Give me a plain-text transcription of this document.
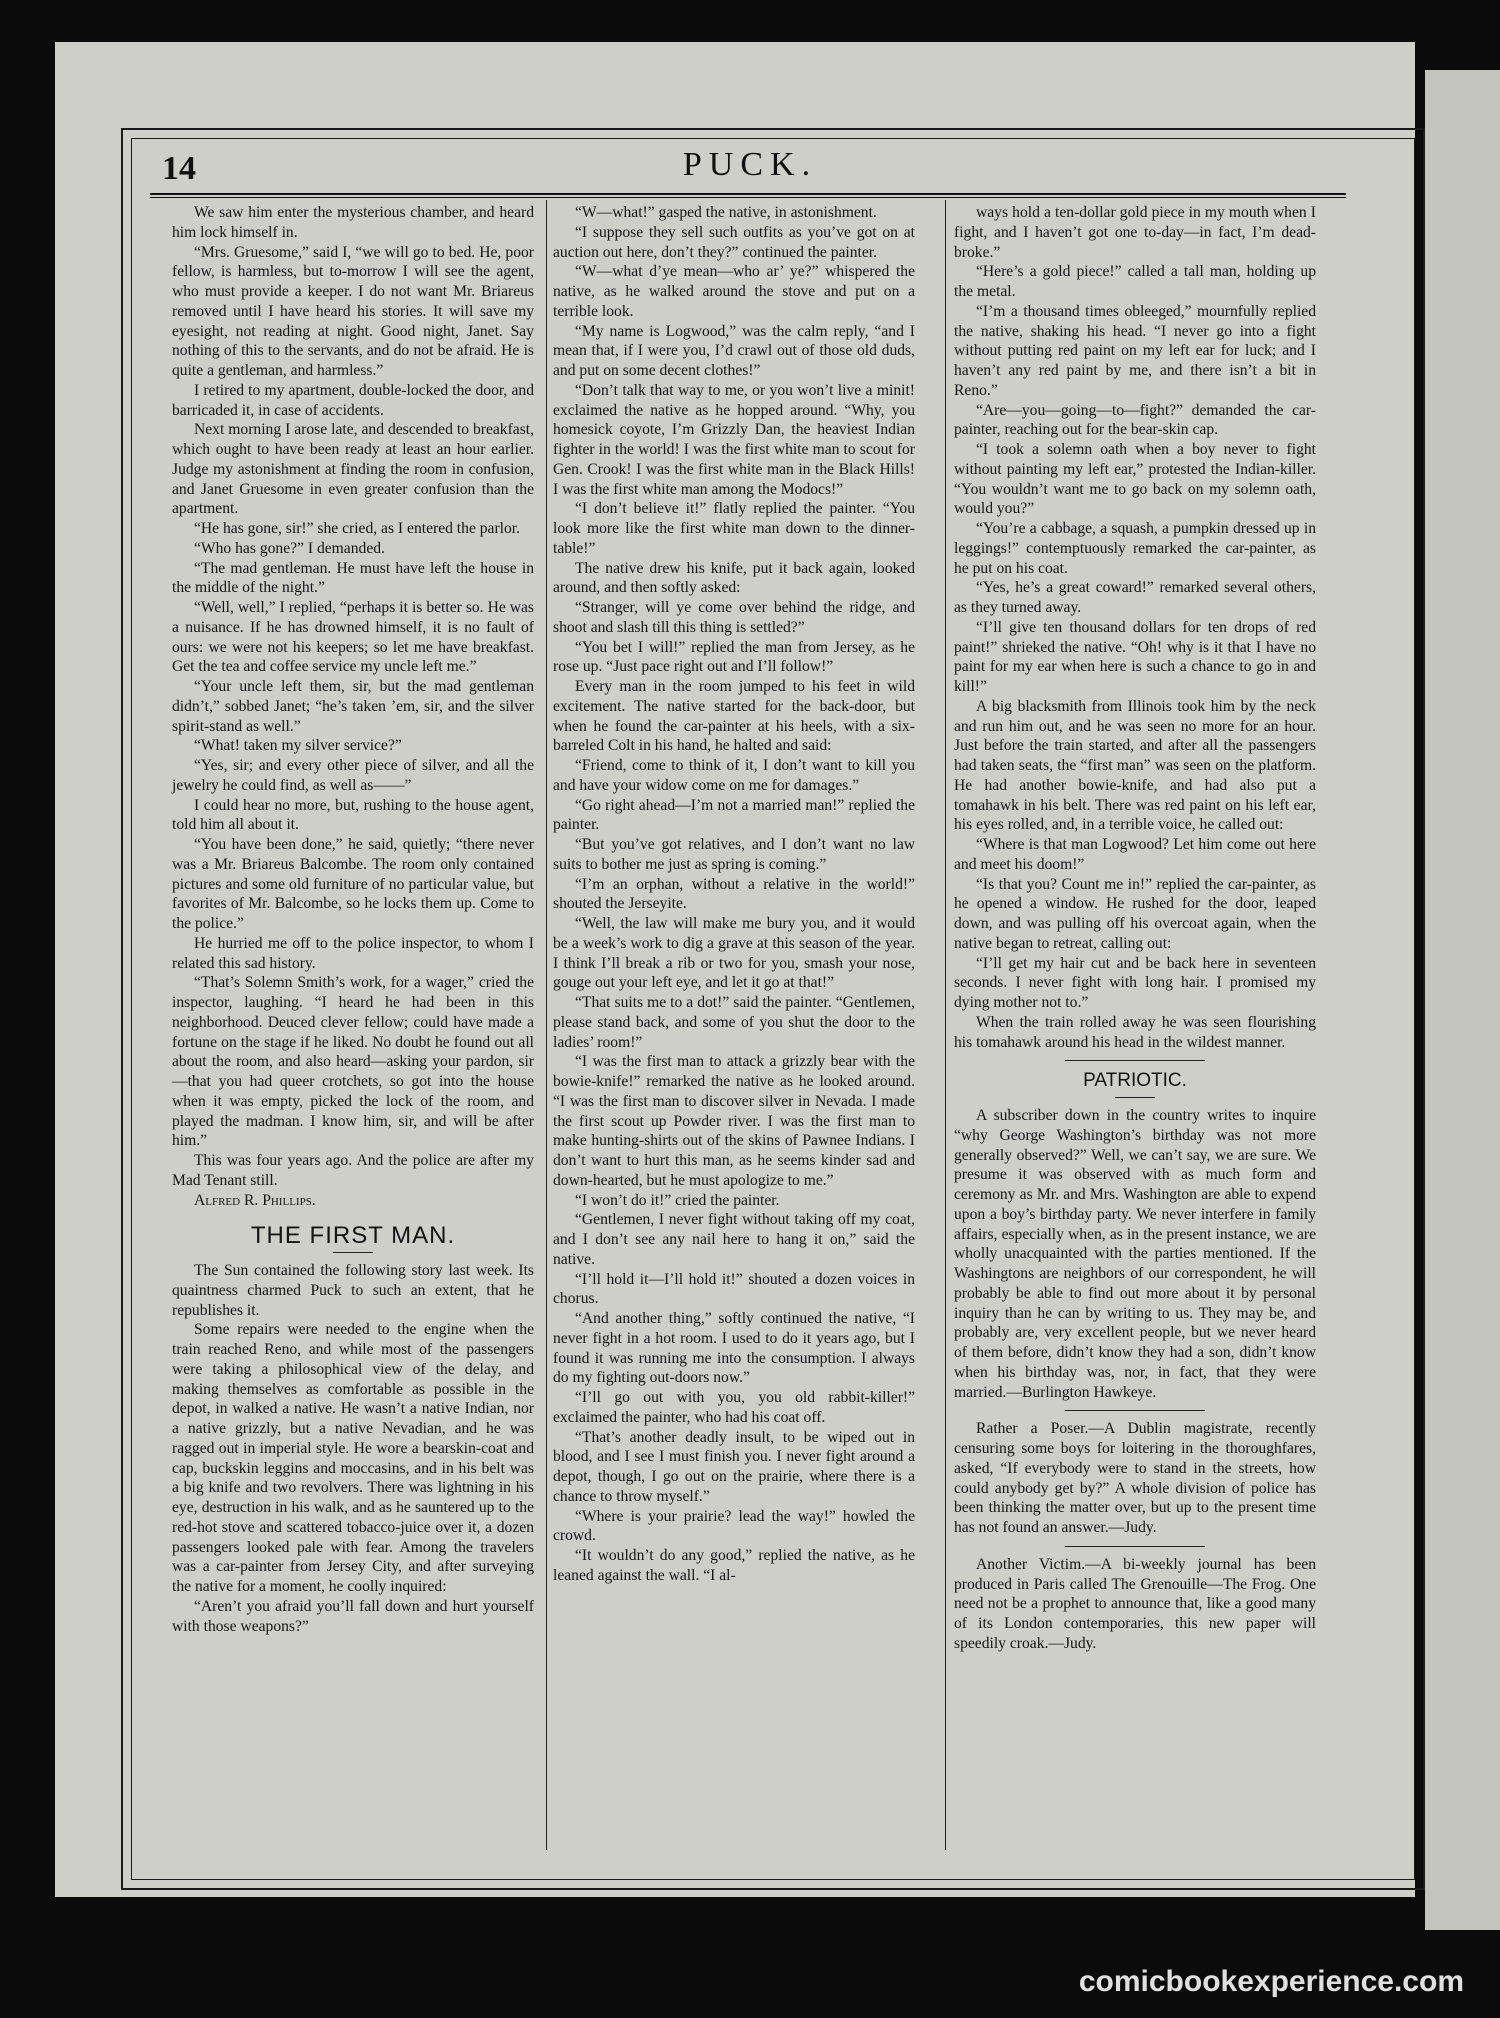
14	PUCK.

We saw him enter the mysterious chamber, and heard him lock himself in.

“Mrs. Gruesome,” said I, “we will go to bed. He, poor fellow, is harmless, but to-morrow I will see the agent, who must provide a keeper. I do not want Mr. Briareus removed until I have heard his stories. It will save my eyesight, not reading at night. Good night, Janet. Say nothing of this to the servants, and do not be afraid. He is quite a gentleman, and harmless.”

I retired to my apartment, double-locked the door, and barricaded it, in case of accidents.

Next morning I arose late, and descended to breakfast, which ought to have been ready at least an hour earlier. Judge my astonishment at finding the room in confusion, and Janet Gruesome in even greater confusion than the apartment.

“He has gone, sir!” she cried, as I entered the parlor.

“Who has gone?” I demanded.

“The mad gentleman. He must have left the house in the middle of the night.”

“Well, well,” I replied, “perhaps it is better so. He was a nuisance. If he has drowned himself, it is no fault of ours: we were not his keepers; so let me have breakfast. Get the tea and coffee service my uncle left me.”

“Your uncle left them, sir, but the mad gentleman didn’t,” sobbed Janet; “he’s taken ’em, sir, and the silver spirit-stand as well.”

“What! taken my silver service?”

“Yes, sir; and every other piece of silver, and all the jewelry he could find, as well as——”

I could hear no more, but, rushing to the house agent, told him all about it.

“You have been done,” he said, quietly; “there never was a Mr. Briareus Balcombe. The room only contained pictures and some old furniture of no particular value, but favorites of Mr. Balcombe, so he locks them up. Come to the police.”

He hurried me off to the police inspector, to whom I related this sad history.

“That’s Solemn Smith’s work, for a wager,” cried the inspector, laughing. “I heard he had been in this neighborhood. Deuced clever fellow; could have made a fortune on the stage if he liked. No doubt he found out all about the room, and also heard—asking your pardon, sir—that you had queer crotchets, so got into the house when it was empty, picked the lock of the room, and played the madman. I know him, sir, and will be after him.”

This was four years ago. And the police are after my Mad Tenant still.

Alfred R. Phillips.

THE FIRST MAN.

The Sun contained the following story last week. Its quaintness charmed Puck to such an extent, that he republishes it.

Some repairs were needed to the engine when the train reached Reno, and while most of the passengers were taking a philosophical view of the delay, and making themselves as comfortable as possible in the depot, in walked a native. He wasn’t a native Indian, nor a native grizzly, but a native Nevadian, and he was ragged out in imperial style. He wore a bearskin-coat and cap, buckskin leggins and moccasins, and in his belt was a big knife and two revolvers. There was lightning in his eye, destruction in his walk, and as he sauntered up to the red-hot stove and scattered tobacco-juice over it, a dozen passengers looked pale with fear. Among the travelers was a car-painter from Jersey City, and after surveying the native for a moment, he coolly inquired:

“Aren’t you afraid you’ll fall down and hurt yourself with those weapons?”

“W—what!” gasped the native, in astonishment.

“I suppose they sell such outfits as you’ve got on at auction out here, don’t they?” continued the painter.

“W—what d’ye mean—who ar’ ye?” whispered the native, as he walked around the stove and put on a terrible look.

“My name is Logwood,” was the calm reply, “and I mean that, if I were you, I’d crawl out of those old duds, and put on some decent clothes!”

“Don’t talk that way to me, or you won’t live a minit! exclaimed the native as he hopped around. “Why, you homesick coyote, I’m Grizzly Dan, the heaviest Indian fighter in the world! I was the first white man to scout for Gen. Crook! I was the first white man in the Black Hills! I was the first white man among the Modocs!”

“I don’t believe it!” flatly replied the painter. “You look more like the first white man down to the dinner-table!”

The native drew his knife, put it back again, looked around, and then softly asked:

“Stranger, will ye come over behind the ridge, and shoot and slash till this thing is settled?”

“You bet I will!” replied the man from Jersey, as he rose up. “Just pace right out and I’ll follow!”

Every man in the room jumped to his feet in wild excitement. The native started for the back-door, but when he found the car-painter at his heels, with a six-barreled Colt in his hand, he halted and said:

“Friend, come to think of it, I don’t want to kill you and have your widow come on me for damages.”

“Go right ahead—I’m not a married man!” replied the painter.

“But you’ve got relatives, and I don’t want no law suits to bother me just as spring is coming.”

“I’m an orphan, without a relative in the world!” shouted the Jerseyite.

“Well, the law will make me bury you, and it would be a week’s work to dig a grave at this season of the year. I think I’ll break a rib or two for you, smash your nose, gouge out your left eye, and let it go at that!”

“That suits me to a dot!” said the painter. “Gentlemen, please stand back, and some of you shut the door to the ladies’ room!”

“I was the first man to attack a grizzly bear with the bowie-knife!” remarked the native as he looked around. “I was the first man to discover silver in Nevada. I made the first scout up Powder river. I was the first man to make hunting-shirts out of the skins of Pawnee Indians. I don’t want to hurt this man, as he seems kinder sad and down-hearted, but he must apologize to me.”

“I won’t do it!” cried the painter.

“Gentlemen, I never fight without taking off my coat, and I don’t see any nail here to hang it on,” said the native.

“I’ll hold it—I’ll hold it!” shouted a dozen voices in chorus.

“And another thing,” softly continued the native, “I never fight in a hot room. I used to do it years ago, but I found it was running me into the consumption. I always do my fighting out-doors now.”

“I’ll go out with you, you old rabbit-killer!” exclaimed the painter, who had his coat off.

“That’s another deadly insult, to be wiped out in blood, and I see I must finish you. I never fight around a depot, though, I go out on the prairie, where there is a chance to throw myself.”

“Where is your prairie? lead the way!” howled the crowd.

“It wouldn’t do any good,” replied the native, as he leaned against the wall. “I al-

ways hold a ten-dollar gold piece in my mouth when I fight, and I haven’t got one to-day—in fact, I’m dead-broke.”

“Here’s a gold piece!” called a tall man, holding up the metal.

“I’m a thousand times obleeged,” mournfully replied the native, shaking his head. “I never go into a fight without putting red paint on my left ear for luck; and I haven’t any red paint by me, and there isn’t a bit in Reno.”

“Are—you—going—to—fight?” demanded the car-painter, reaching out for the bear-skin cap.

“I took a solemn oath when a boy never to fight without painting my left ear,” protested the Indian-killer. “You wouldn’t want me to go back on my solemn oath, would you?”

“You’re a cabbage, a squash, a pumpkin dressed up in leggings!” contemptuously remarked the car-painter, as he put on his coat.

“Yes, he’s a great coward!” remarked several others, as they turned away.

“I’ll give ten thousand dollars for ten drops of red paint!” shrieked the native. “Oh! why is it that I have no paint for my ear when here is such a chance to go in and kill!”

A big blacksmith from Illinois took him by the neck and run him out, and he was seen no more for an hour. Just before the train started, and after all the passengers had taken seats, the “first man” was seen on the platform. He had another bowie-knife, and had also put a tomahawk in his belt. There was red paint on his left ear, his eyes rolled, and, in a terrible voice, he called out:

“Where is that man Logwood? Let him come out here and meet his doom!”

“Is that you? Count me in!” replied the car-painter, as he opened a window. He rushed for the door, leaped down, and was pulling off his overcoat again, when the native began to retreat, calling out:

“I’ll get my hair cut and be back here in seventeen seconds. I never fight with long hair. I promised my dying mother not to.”

When the train rolled away he was seen flourishing his tomahawk around his head in the wildest manner.

PATRIOTIC.

A subscriber down in the country writes to inquire “why George Washington’s birthday was not more generally observed?” Well, we can’t say, we are sure. We presume it was observed with as much form and ceremony as Mr. and Mrs. Washington are able to expend upon a boy’s birthday party. We never interfere in family affairs, especially when, as in the present instance, we are wholly unacquainted with the parties mentioned. If the Washingtons are neighbors of our correspondent, he will probably be able to find out more about it by personal inquiry than he can by writing to us. They may be, and probably are, very excellent people, but we never heard of them before, didn’t know they had a son, didn’t know when his birthday was, nor, in fact, that they were married.—Burlington Hawkeye.

Rather a Poser.—A Dublin magistrate, recently censuring some boys for loitering in the thoroughfares, asked, “If everybody were to stand in the streets, how could anybody get by?” A whole division of police has been thinking the matter over, but up to the present time has not found an answer.—Judy.

Another Victim.—A bi-weekly journal has been produced in Paris called The Grenouille—The Frog. One need not be a prophet to announce that, like a good many of its London contemporaries, this new paper will speedily croak.—Judy.

comicbookexperience.com
